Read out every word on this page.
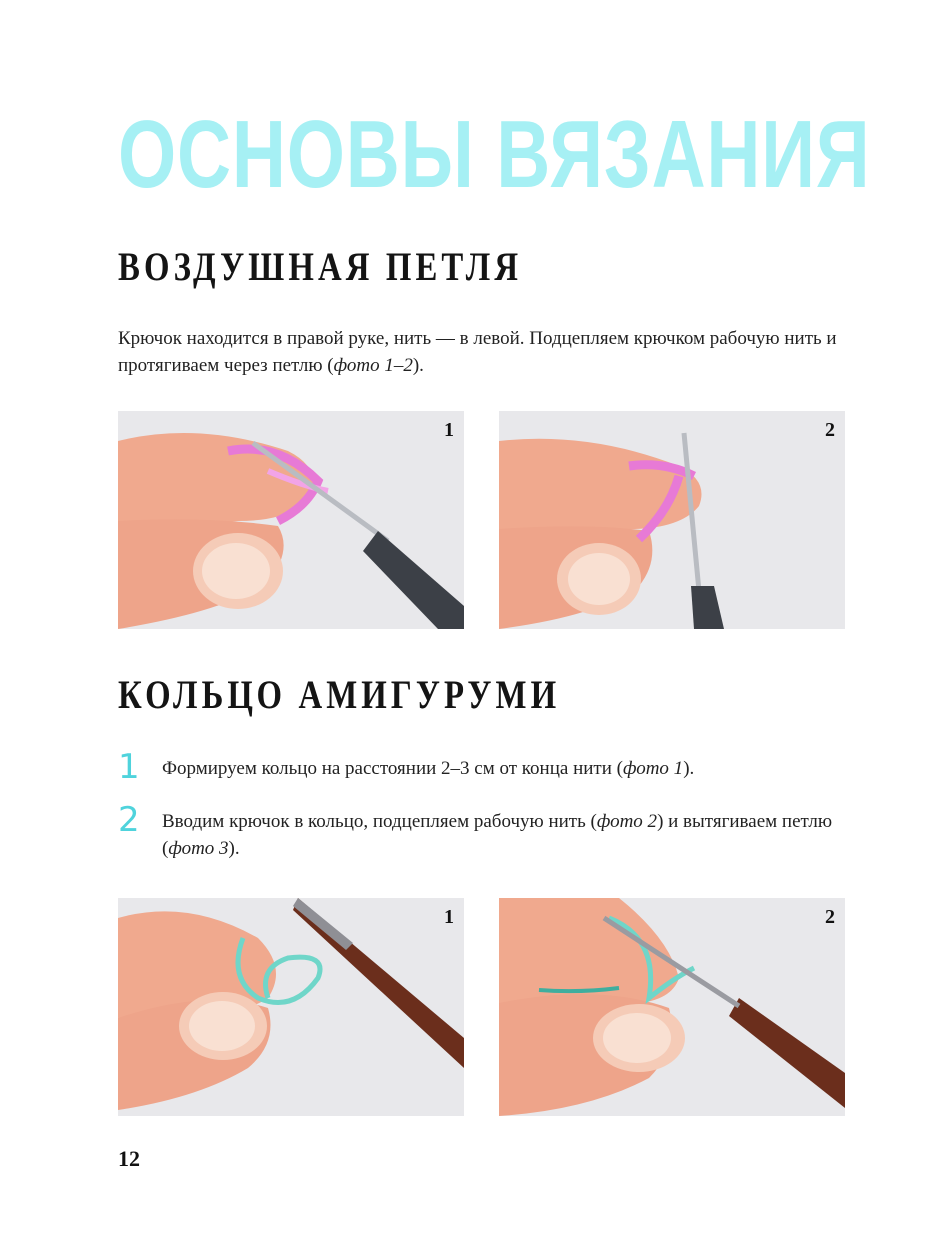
ОСНОВЫ ВЯЗАНИЯ
ВОЗДУШНАЯ ПЕТЛЯ

Крючок находится в правой руке, нить — в левой. Подцепляем крючком рабочую нить и протягиваем через петлю (фото 1–2).

1	2
КОЛЬЦО АМИГУРУМИ
1 Формируем кольцо на расстоянии 2–3 см от конца нити (фото 1).

2 Вводим крючок в кольцо, подцепляем рабочую нить (фото 2) и вытягиваем петлю (фото 3).

1	2
12
